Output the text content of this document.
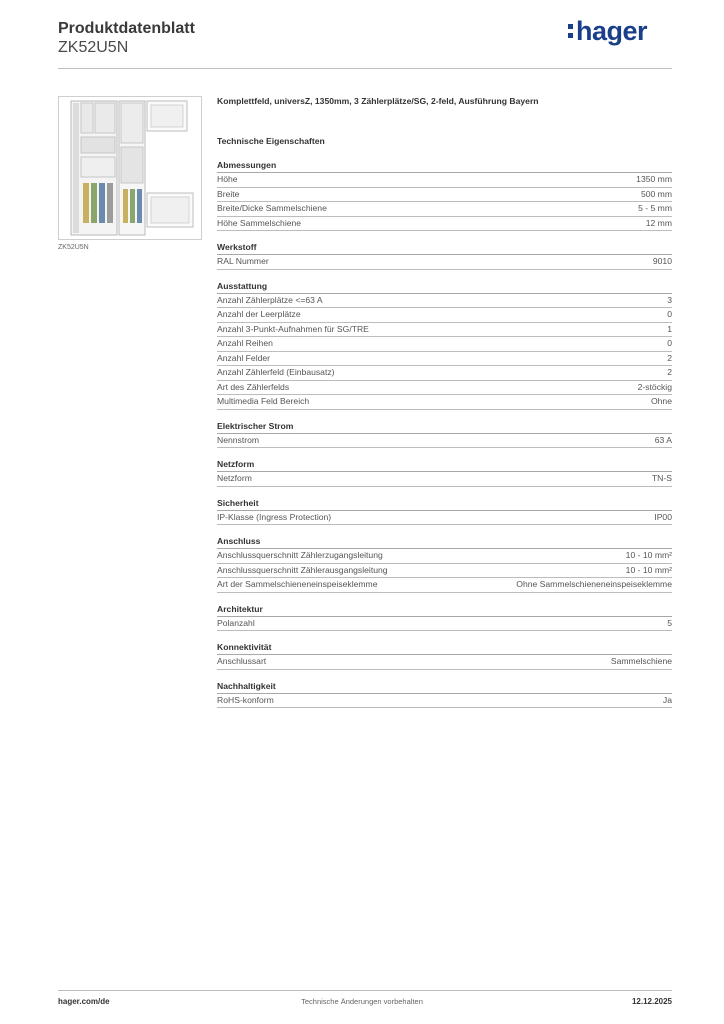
Produktdatenblatt
ZK52U5N
hager
ZK52U5N
Komplettfeld, universZ, 1350mm, 3 Zählerplätze/SG, 2-feld, Ausführung Bayern
Technische Eigenschaften
Abmessungen
Höhe	1350 mm
Breite	500 mm
Breite/Dicke Sammelschiene	5 - 5 mm
Höhe Sammelschiene	12 mm
Werkstoff
RAL Nummer	9010
Ausstattung
Anzahl Zählerplätze <=63 A	3
Anzahl der Leerplätze	0
Anzahl 3-Punkt-Aufnahmen für SG/TRE	1
Anzahl Reihen	0
Anzahl Felder	2
Anzahl Zählerfeld (Einbausatz)	2
Art des Zählerfelds	2-stöckig
Multimedia Feld Bereich	Ohne
Elektrischer Strom
Nennstrom	63 A
Netzform
Netzform	TN-S
Sicherheit
IP-Klasse (Ingress Protection)	IP00
Anschluss
Anschlussquerschnitt Zählerzugangsleitung	10 - 10 mm²
Anschlussquerschnitt Zählerausgangsleitung	10 - 10 mm²
Art der Sammelschieneneinspeiseklemme	Ohne Sammelschieneneinspeiseklemme
Architektur
Polanzahl	5
Konnektivität
Anschlussart	Sammelschiene
Nachhaltigkeit
RoHS-konform	Ja
hager.com/de	Technische Änderungen vorbehalten	12.12.2025
